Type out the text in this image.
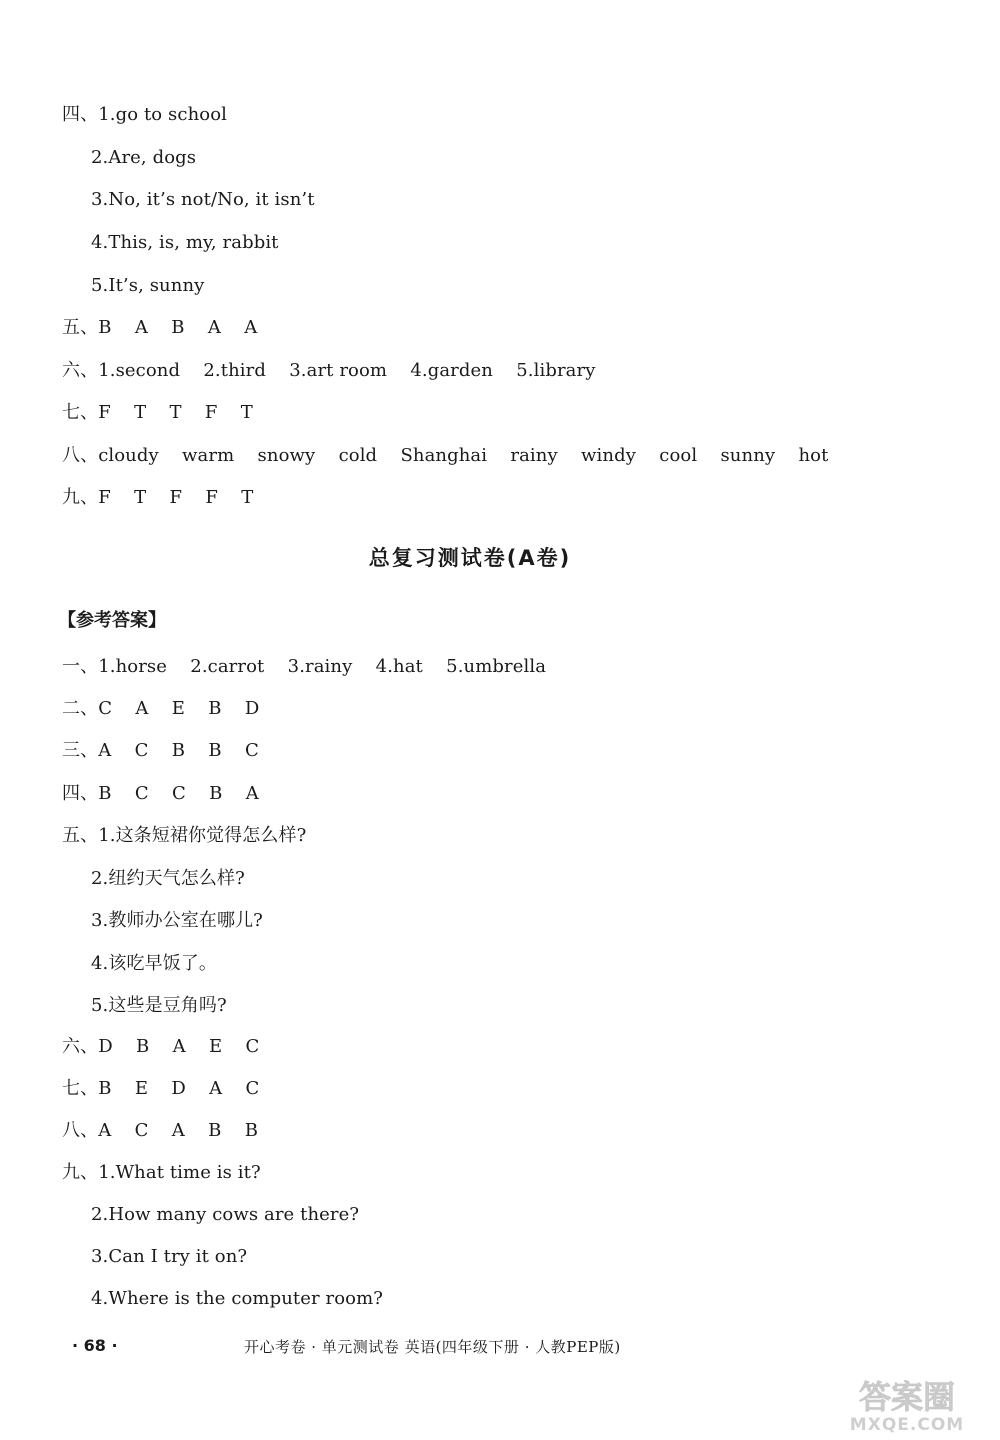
四、1.go to school
2.Are, dogs
3.No, it’s not/No, it isn’t
4.This, is, my, rabbit
5.It’s, sunny
五、B    A    B    A    A
六、1.second    2.third    3.art room    4.garden    5.library
七、F    T    T    F    T
八、cloudy    warm    snowy    cold    Shanghai    rainy    windy    cool    sunny    hot
九、F    T    F    F    T
总复习测试卷(A卷)
【参考答案】
一、1.horse    2.carrot    3.rainy    4.hat    5.umbrella
二、C    A    E    B    D
三、A    C    B    B    C
四、B    C    C    B    A
五、1.这条短裙你觉得怎么样?
2.纽约天气怎么样?
3.教师办公室在哪儿?
4.该吃早饭了。
5.这些是豆角吗?
六、D    B    A    E    C
七、B    E    D    A    C
八、A    C    A    B    B
九、1.What time is it?
2.How many cows are there?
3.Can I try it on?
4.Where is the computer room?
· 68 ·	开心考卷 · 单元测试卷 英语(四年级下册 · 人教PEP版)
答案圈
MXQE.COM
